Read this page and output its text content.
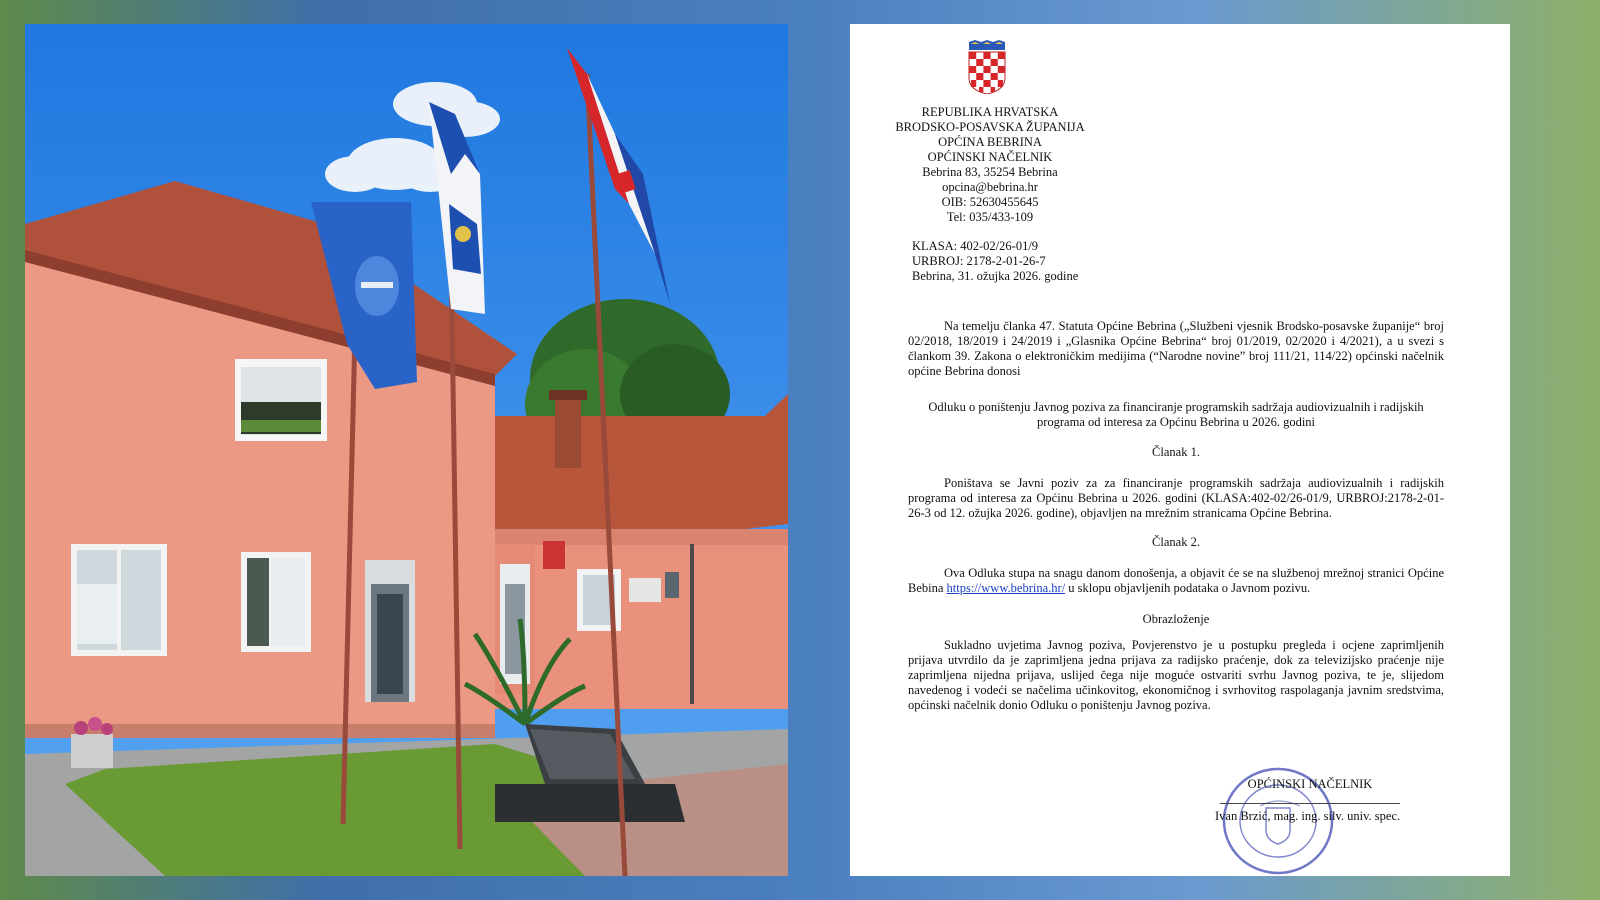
REPUBLIKA HRVATSKA
BRODSKO-POSAVSKA ŽUPANIJA
OPĆINA BEBRINA
OPĆINSKI NAČELNIK
Bebrina 83, 35254 Bebrina
opcina@bebrina.hr
OIB: 52630455645
Tel: 035/433-109
KLASA: 402-02/26-01/9
URBROJ: 2178-2-01-26-7
Bebrina, 31. ožujka 2026. godine
Na temelju članka 47. Statuta Općine Bebrina („Službeni vjesnik Brodsko-posavske županije“ broj 02/2018, 18/2019 i 24/2019 i „Glasnika Općine Bebrina“ broj 01/2019, 02/2020 i 4/2021), a u svezi s člankom 39. Zakona o elektroničkim medijima (“Narodne novine” broj 111/21, 114/22) općinski načelnik općine Bebrina donosi
Odluku o poništenju Javnog poziva za financiranje programskih sadržaja audiovizualnih i radijskih programa od interesa za Općinu Bebrina u 2026. godini
Članak 1.
Poništava se Javni poziv za za financiranje programskih sadržaja audiovizualnih i radijskih programa od interesa za Općinu Bebrina u 2026. godini (KLASA:402-02/26-01/9, URBROJ:2178-2-01-26-3 od 12. ožujka 2026. godine), objavljen na mrežnim stranicama Općine Bebrina.
Članak 2.
Ova Odluka stupa na snagu danom donošenja, a objavit će se na službenoj mrežnoj stranici Općine Bebina https://www.bebrina.hr/ u sklopu objavljenih podataka o Javnom pozivu.
Obrazloženje
Sukladno uvjetima Javnog poziva, Povjerenstvo je u postupku pregleda i ocjene zaprimljenih prijava utvrdilo da je zaprimljena jedna prijava za radijsko praćenje, dok za televizijsko praćenje nije zaprimljena nijedna prijava, uslijed čega nije moguće ostvariti svrhu Javnog poziva, te je, slijedom navedenog i vodeći se načelima učinkovitog, ekonomičnog i svrhovitog raspolaganja javnim sredstvima, općinski načelnik donio Odluku o poništenju Javnog poziva.
OPĆINSKI NAČELNIK
Ivan Brzić, mag. ing. silv. univ. spec.
